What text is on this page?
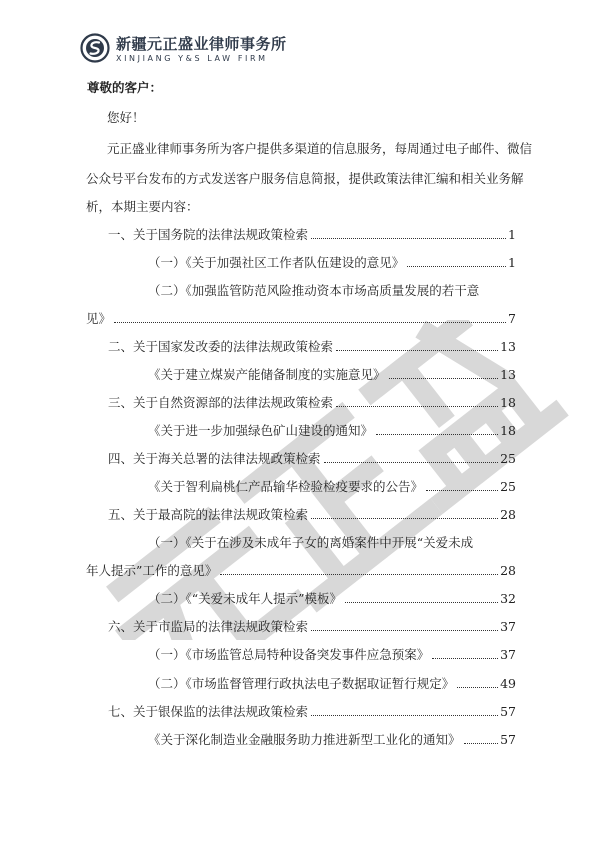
新疆元正盛业律师事务所
XINJIANG Y&S LAW FIRM
尊敬的客户：
您好！
元正盛业律师事务所为客户提供多渠道的信息服务，每周通过电子邮件、微信
公众号平台发布的方式发送客户服务信息简报，提供政策法律汇编和相关业务解
析，本期主要内容：
一、关于国务院的法律法规政策检索	1
（一）《关于加强社区工作者队伍建设的意见》	1
（二）《加强监管防范风险推动资本市场高质量发展的若干意
见》	7
二、关于国家发改委的法律法规政策检索	13
《关于建立煤炭产能储备制度的实施意见》	13
三、关于自然资源部的法律法规政策检索	18
《关于进一步加强绿色矿山建设的通知》	18
四、关于海关总署的法律法规政策检索	25
《关于智利扁桃仁产品输华检验检疫要求的公告》	25
五、关于最高院的法律法规政策检索	28
（一）《关于在涉及未成年子女的离婚案件中开展“关爱未成
年人提示”工作的意见》	28
（二）《“关爱未成年人提示”模板》	32
六、关于市监局的法律法规政策检索	37
（一）《市场监管总局特种设备突发事件应急预案》	37
（二）《市场监督管理行政执法电子数据取证暂行规定》	49
七、关于银保监的法律法规政策检索	57
《关于深化制造业金融服务助力推进新型工业化的通知》	57
